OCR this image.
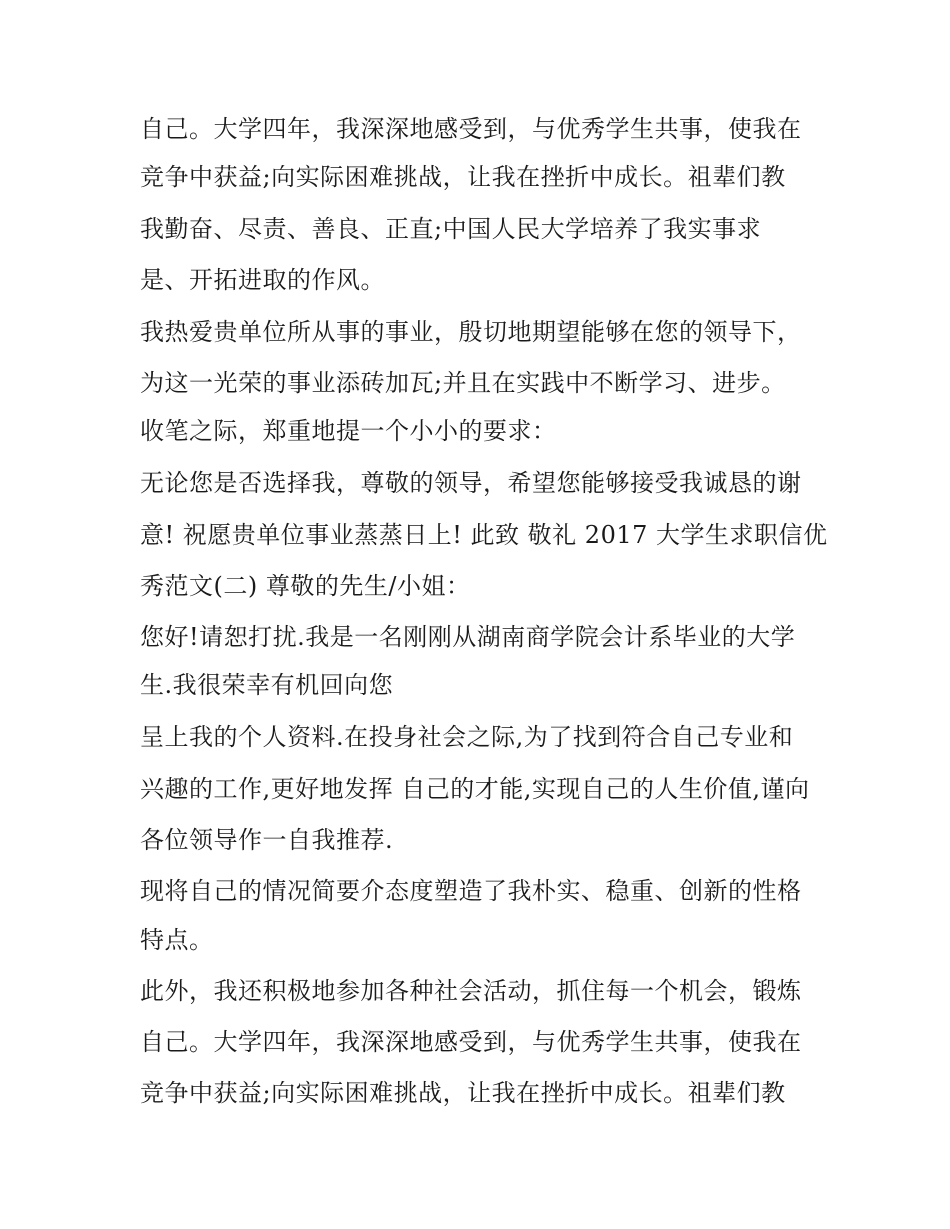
自己。大学四年，我深深地感受到，与优秀学生共事，使我在
竞争中获益;向实际困难挑战，让我在挫折中成长。祖辈们教
我勤奋、尽责、善良、正直;中国人民大学培养了我实事求
是、开拓进取的作风。
我热爱贵单位所从事的事业，殷切地期望能够在您的领导下，
为这一光荣的事业添砖加瓦;并且在实践中不断学习、进步。
收笔之际，郑重地提一个小小的要求：
无论您是否选择我，尊敬的领导，希望您能够接受我诚恳的谢
意! 祝愿贵单位事业蒸蒸日上! 此致 敬礼 2017 大学生求职信优
秀范文(二) 尊敬的先生/小姐：
您好!请恕打扰.我是一名刚刚从湖南商学院会计系毕业的大学
生.我很荣幸有机回向您
呈上我的个人资料.在投身社会之际,为了找到符合自己专业和
兴趣的工作,更好地发挥 自己的才能,实现自己的人生价值,谨向
各位领导作一自我推荐.
现将自己的情况简要介态度塑造了我朴实、稳重、创新的性格
特点。
此外，我还积极地参加各种社会活动，抓住每一个机会，锻炼
自己。大学四年，我深深地感受到，与优秀学生共事，使我在
竞争中获益;向实际困难挑战，让我在挫折中成长。祖辈们教
